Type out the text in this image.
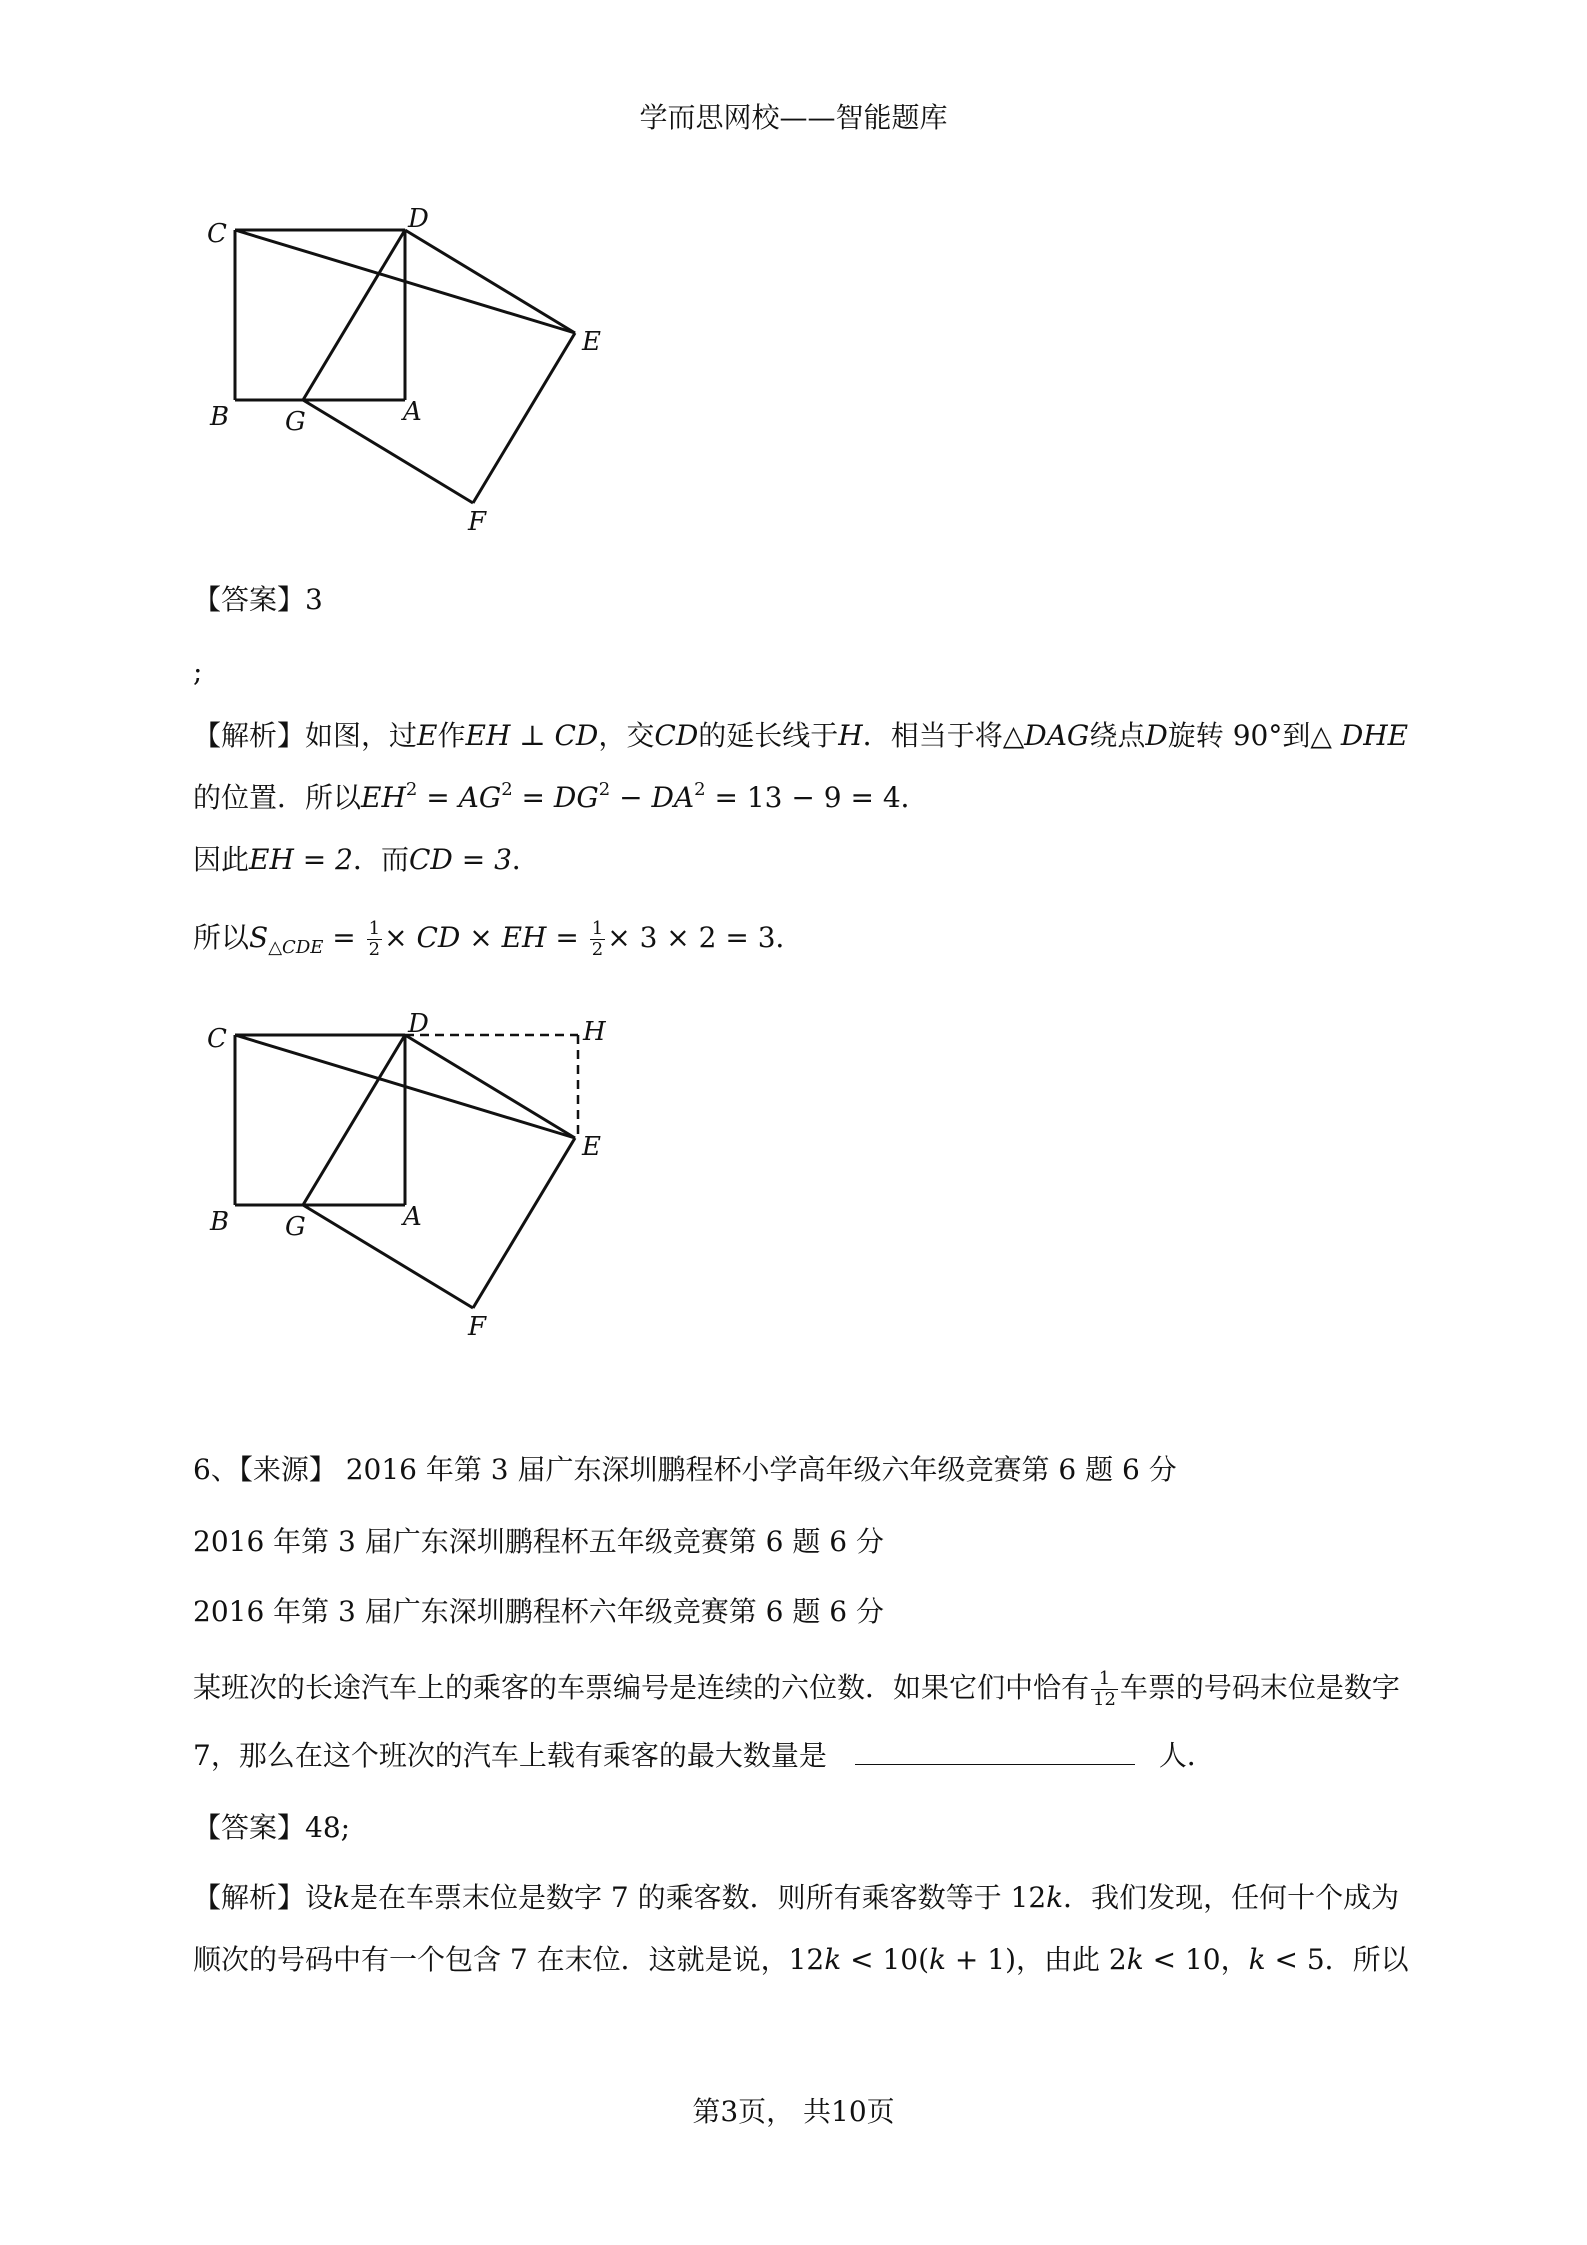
学而思网校——智能题库
C	D
E
B G	A
F
【答案】3
;
【解析】如图，过E作EH ⊥ CD，交CD的延长线于H．相当于将△DAG绕点D旋转 90°到△ DHE
的位置．所以$EH^2 = AG^2 = DG^2 - DA^2 = 13 - 9 = 4$．
因此EH = 2．而CD = 3．
所以$S_{\triangle CDE} = \frac{1}{2}$ × CD × EH = $\frac{1}{2} \times 3 \times 2 = 3$．
C	D	H
E
B G	A
F
6、【来源】 2016 年第 3 届广东深圳鹏程杯小学高年级六年级竞赛第 6 题 6 分
2016 年第 3 届广东深圳鹏程杯五年级竞赛第 6 题 6 分
2016 年第 3 届广东深圳鹏程杯六年级竞赛第 6 题 6 分
某班次的长途汽车上的乘客的车票编号是连续的六位数．如果它们中恰有 $\frac{1}{12}$ 车票的号码末位是数字
7，那么在这个班次的汽车上载有乘客的最大数量是	人．
【答案】48;
【解析】设k是在车票末位是数字 7 的乘客数．则所有乘客数等于 12k．我们发现，任何十个成为
顺次的号码中有一个包含 7 在末位．这就是说，12k < 10(k + 1)，由此 2k < 10，k < 5．所以
第3页， 共10页
